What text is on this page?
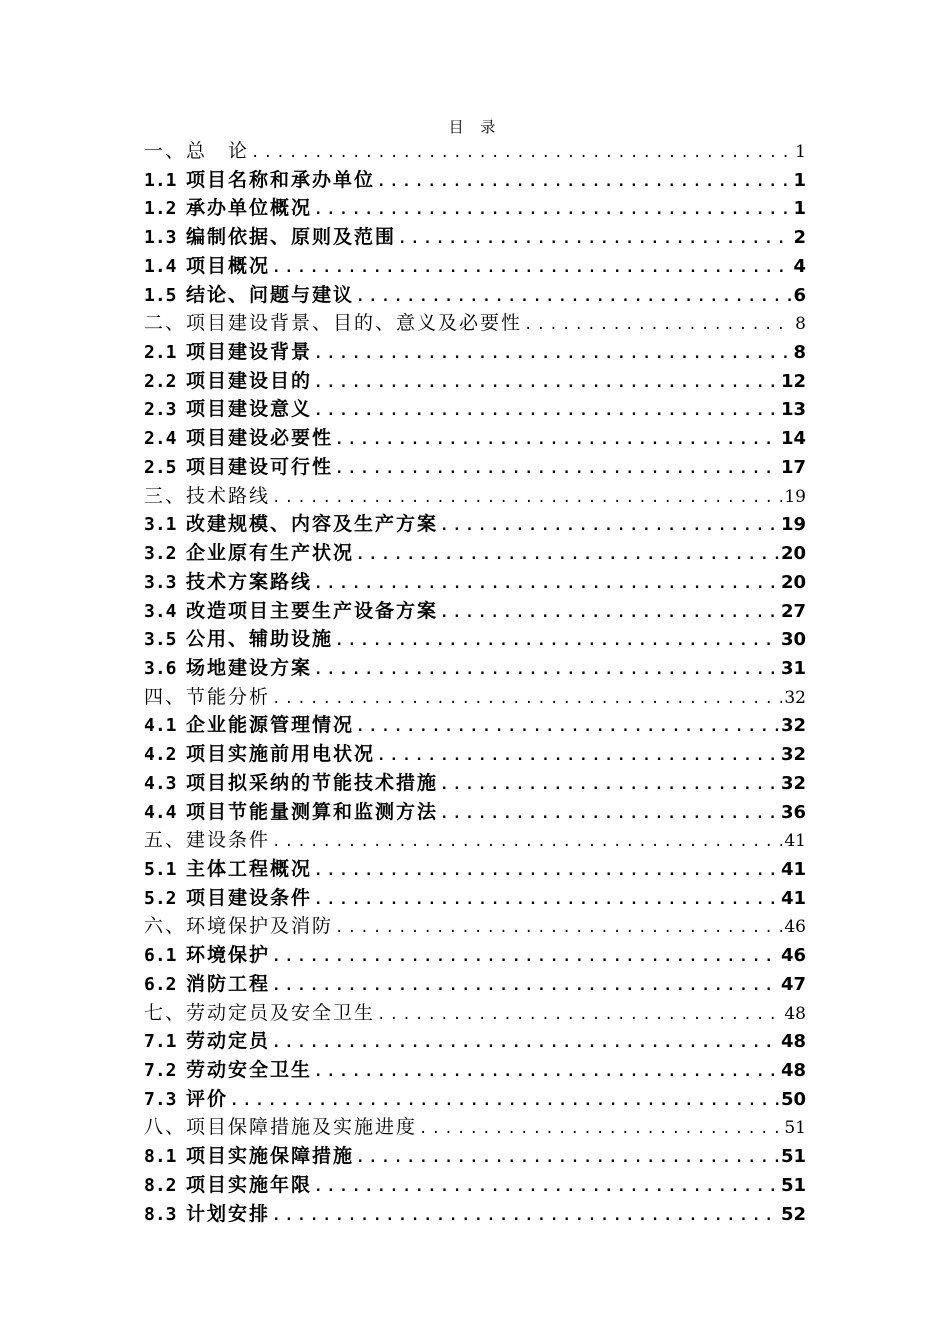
目 录
一、总　论 .....	1
1.1 项目名称和承办单位 .....	1
1.2 承办单位概况 .....	1
1.3 编制依据、原则及范围 .....	2
1.4 项目概况 .....	4
1.5 结论、问题与建议 .....	6
二、项目建设背景、目的、意义及必要性 .....	8
2.1 项目建设背景 .....	8
2.2 项目建设目的 .....	12
2.3 项目建设意义 .....	13
2.4 项目建设必要性 .....	14
2.5 项目建设可行性 .....	17
三、技术路线 .....	19
3.1 改建规模、内容及生产方案 .....	19
3.2 企业原有生产状况 .....	20
3.3 技术方案路线 .....	20
3.4 改造项目主要生产设备方案 .....	27
3.5 公用、辅助设施 .....	30
3.6 场地建设方案 .....	31
四、节能分析 .....	32
4.1 企业能源管理情况 .....	32
4.2 项目实施前用电状况 .....	32
4.3 项目拟采纳的节能技术措施 .....	32
4.4 项目节能量测算和监测方法 .....	36
五、建设条件 .....	41
5.1 主体工程概况 .....	41
5.2 项目建设条件 .....	41
六、环境保护及消防 .....	46
6.1 环境保护 .....	46
6.2 消防工程 .....	47
七、劳动定员及安全卫生 .....	48
7.1 劳动定员 .....	48
7.2 劳动安全卫生 .....	48
7.3 评价 .....	50
八、项目保障措施及实施进度 .....	51
8.1 项目实施保障措施 .....	51
8.2 项目实施年限 .....	51
8.3 计划安排 .....	52
